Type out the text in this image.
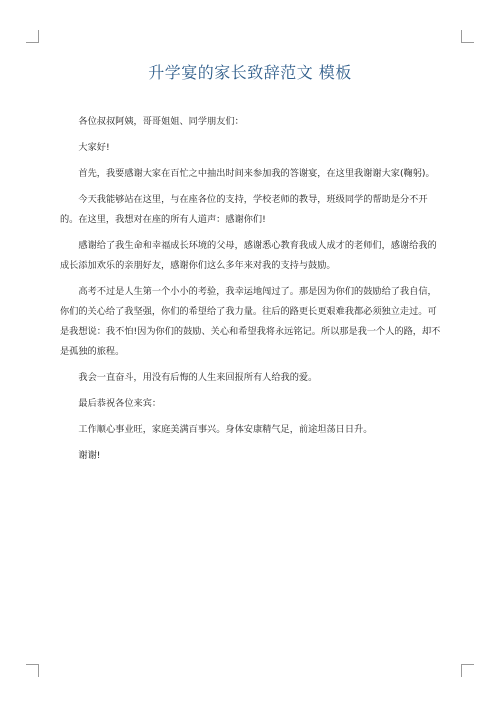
升学宴的家长致辞范文 模板

各位叔叔阿姨，哥哥姐姐、同学朋友们：

大家好!

首先，我要感谢大家在百忙之中抽出时间来参加我的答谢宴，在这里我谢谢大家(鞠躬)。

今天我能够站在这里，与在座各位的支持，学校老师的教导，班级同学的帮助是分不开的。在这里，我想对在座的所有人道声：感谢你们!

感谢给了我生命和幸福成长环境的父母，感谢悉心教育我成人成才的老师们，感谢给我的成长添加欢乐的亲朋好友，感谢你们这么多年来对我的支持与鼓励。

高考不过是人生第一个小小的考验，我幸运地闯过了。那是因为你们的鼓励给了我自信，你们的关心给了我坚强，你们的希望给了我力量。往后的路更长更艰难我都必须独立走过。可是我想说：我不怕!因为你们的鼓励、关心和希望我将永远铭记。所以那是我一个人的路，却不是孤独的旅程。

我会一直奋斗，用没有后悔的人生来回报所有人给我的爱。

最后恭祝各位来宾：

工作顺心事业旺，家庭美满百事兴。身体安康精气足，前途坦荡日日升。

谢谢!
